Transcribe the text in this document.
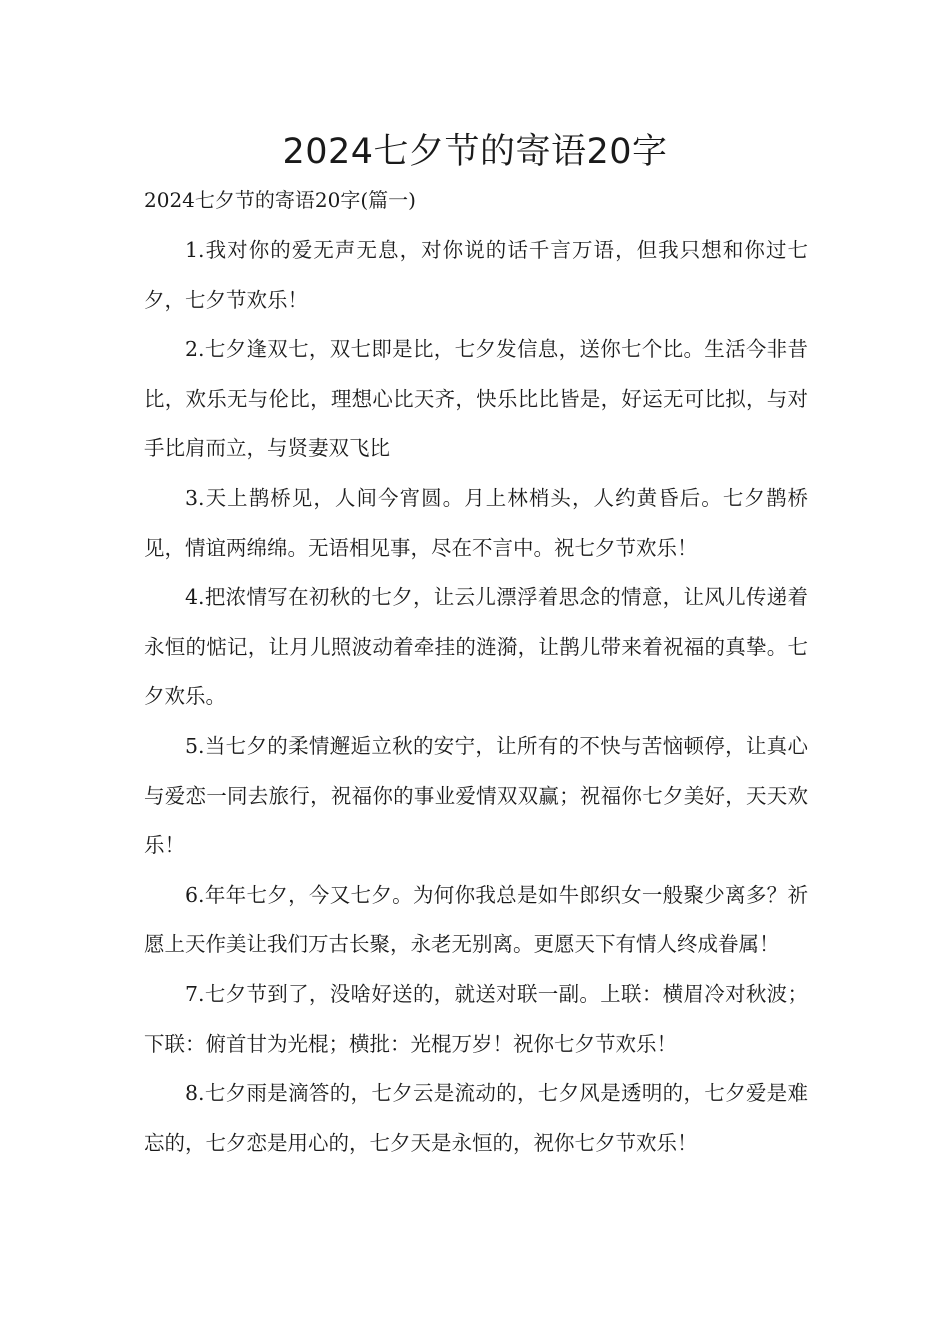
2024七夕节的寄语20字

2024七夕节的寄语20字(篇一)

1.我对你的爱无声无息，对你说的话千言万语，但我只想和你过七夕，七夕节欢乐！

2.七夕逢双七，双七即是比，七夕发信息，送你七个比。生活今非昔比，欢乐无与伦比，理想心比天齐，快乐比比皆是，好运无可比拟，与对手比肩而立，与贤妻双飞比

3.天上鹊桥见，人间今宵圆。月上林梢头，人约黄昏后。七夕鹊桥见，情谊两绵绵。无语相见事，尽在不言中。祝七夕节欢乐！

4.把浓情写在初秋的七夕，让云儿漂浮着思念的情意，让风儿传递着永恒的惦记，让月儿照波动着牵挂的涟漪，让鹊儿带来着祝福的真挚。七夕欢乐。

5.当七夕的柔情邂逅立秋的安宁，让所有的不快与苦恼顿停，让真心与爱恋一同去旅行，祝福你的事业爱情双双赢；祝福你七夕美好，天天欢乐！

6.年年七夕，今又七夕。为何你我总是如牛郎织女一般聚少离多？祈愿上天作美让我们万古长聚，永老无别离。更愿天下有情人终成眷属！

7.七夕节到了，没啥好送的，就送对联一副。上联：横眉冷对秋波；下联：俯首甘为光棍；横批：光棍万岁！祝你七夕节欢乐！

8.七夕雨是滴答的，七夕云是流动的，七夕风是透明的，七夕爱是难忘的，七夕恋是用心的，七夕天是永恒的，祝你七夕节欢乐！
